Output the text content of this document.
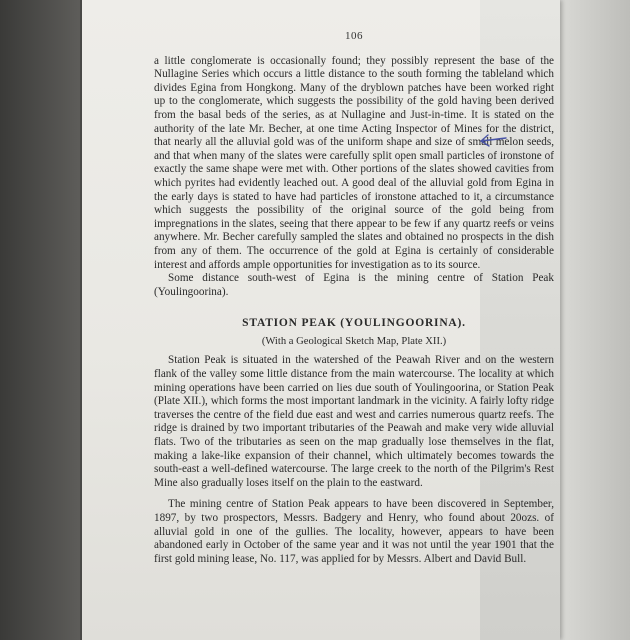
106

a little conglomerate is occasionally found; they possibly represent the base of the Nullagine Series which occurs a little distance to the south forming the tableland which divides Egina from Hongkong. Many of the dryblown patches have been worked right up to the conglomerate, which suggests the possibility of the gold having been derived from the basal beds of the series, as at Nullagine and Just-in-time. It is stated on the authority of the late Mr. Becher, at one time Acting Inspector of Mines for the district, that nearly all the alluvial gold was of the uniform shape and size of small melon seeds, and that when many of the slates were carefully split open small particles of ironstone of exactly the same shape were met with. Other portions of the slates showed cavities from which pyrites had evidently leached out. A good deal of the alluvial gold from Egina in the early days is stated to have had particles of ironstone attached to it, a circumstance which suggests the possibility of the original source of the gold being from impregnations in the slates, seeing that there appear to be few if any quartz reefs or veins anywhere. Mr. Becher carefully sampled the slates and obtained no prospects in the dish from any of them. The occurrence of the gold at Egina is certainly of considerable interest and affords ample opportunities for investigation as to its source.

Some distance south-west of Egina is the mining centre of Station Peak (Youlingoorina).

STATION PEAK (YOULINGOORINA).
(With a Geological Sketch Map, Plate XII.)

Station Peak is situated in the watershed of the Peawah River and on the western flank of the valley some little distance from the main watercourse. The locality at which mining operations have been carried on lies due south of Youlingoorina, or Station Peak (Plate XII.), which forms the most important landmark in the vicinity. A fairly lofty ridge traverses the centre of the field due east and west and carries numerous quartz reefs. The ridge is drained by two important tributaries of the Peawah and make very wide alluvial flats. Two of the tributaries as seen on the map gradually lose themselves in the flat, making a lake-like expansion of their channel, which ultimately becomes towards the south-east a well-defined watercourse. The large creek to the north of the Pilgrim's Rest Mine also gradually loses itself on the plain to the eastward.

The mining centre of Station Peak appears to have been discovered in September, 1897, by two prospectors, Messrs. Badgery and Henry, who found about 20ozs. of alluvial gold in one of the gullies. The locality, however, appears to have been abandoned early in October of the same year and it was not until the year 1901 that the first gold mining lease, No. 117, was applied for by Messrs. Albert and David Bull.
